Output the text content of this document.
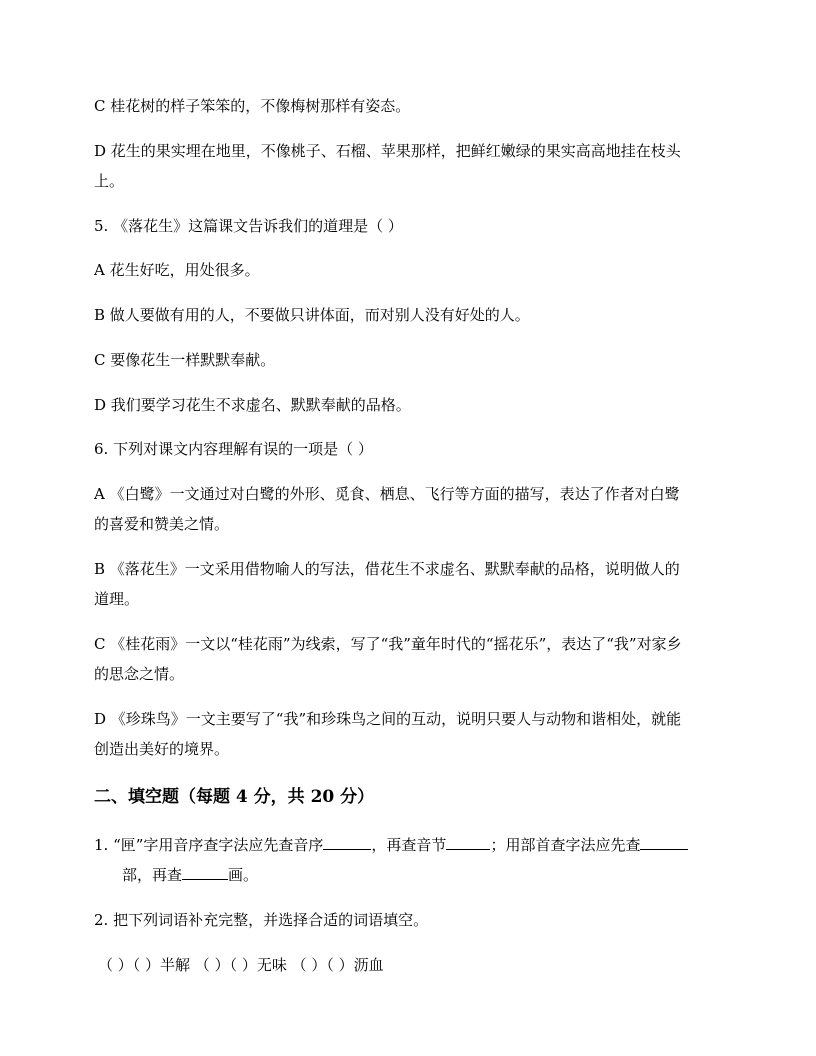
C 桂花树的样子笨笨的，不像梅树那样有姿态。
D 花生的果实埋在地里，不像桃子、石榴、苹果那样，把鲜红嫩绿的果实高高地挂在枝头
上。
5. 《落花生》这篇课文告诉我们的道理是（ ）
A 花生好吃，用处很多。
B 做人要做有用的人，不要做只讲体面，而对别人没有好处的人。
C 要像花生一样默默奉献。
D 我们要学习花生不求虚名、默默奉献的品格。
6. 下列对课文内容理解有误的一项是（ ）
A 《白鹭》一文通过对白鹭的外形、觅食、栖息、飞行等方面的描写，表达了作者对白鹭
的喜爱和赞美之情。
B 《落花生》一文采用借物喻人的写法，借花生不求虚名、默默奉献的品格，说明做人的
道理。
C 《桂花雨》一文以“桂花雨”为线索，写了“我”童年时代的“摇花乐”，表达了“我”对家乡
的思念之情。
D 《珍珠鸟》一文主要写了“我”和珍珠鸟之间的互动，说明只要人与动物和谐相处，就能
创造出美好的境界。
二、填空题（每题 4 分，共 20 分）
1. “匣”字用音序查字法应先查音序	，再查音节	；用部首查字法应先查
部，再查	画。
2. 把下列词语补充完整，并选择合适的词语填空。
（ ）（ ）半解 （ ）（ ）无味 （ ）（ ）沥血
